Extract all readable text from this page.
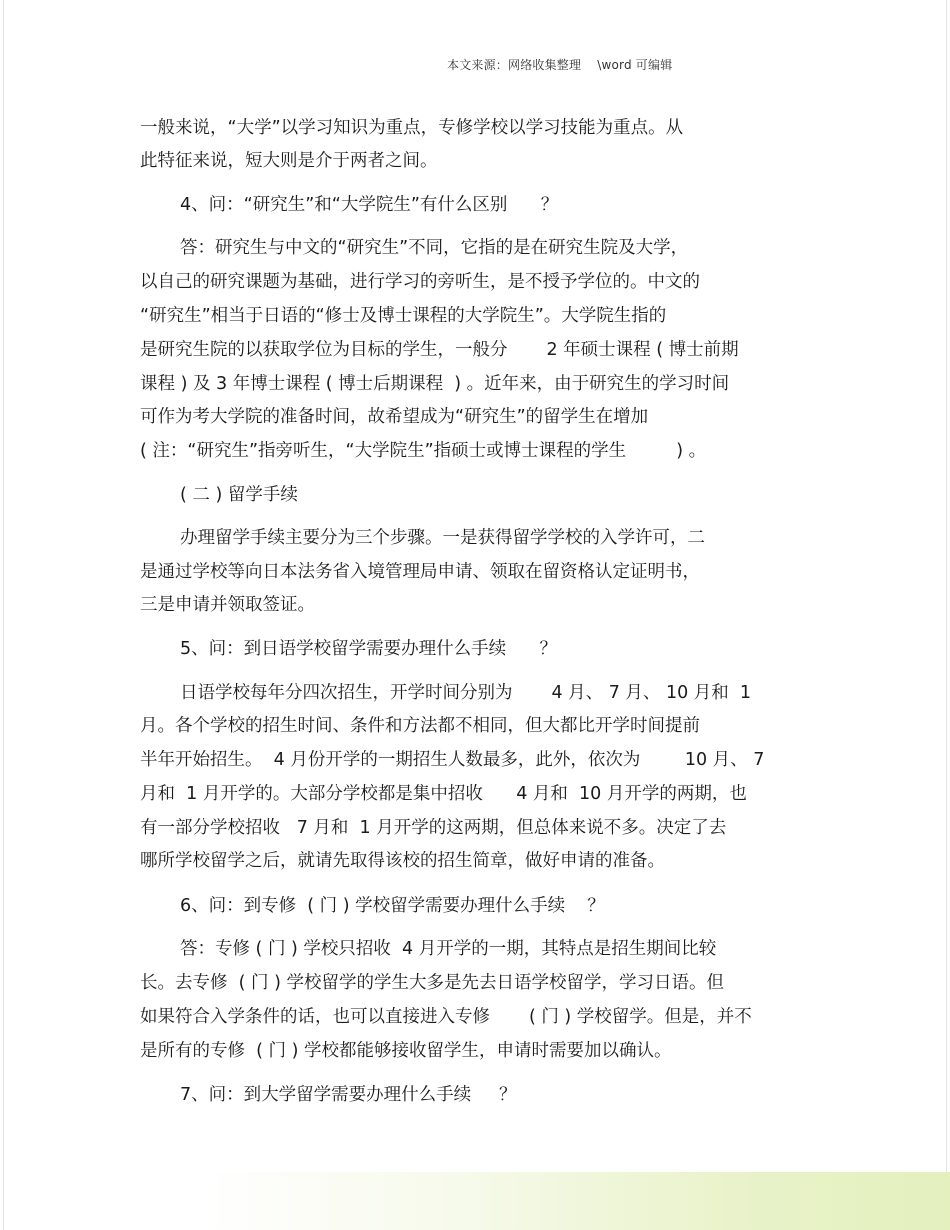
本文来源：网络收集整理    \word 可编辑
一般来说，“大学”以学习知识为重点，专修学校以学习技能为重点。从
此特征来说，短大则是介于两者之间。
4、问：“研究生”和“大学院生”有什么区别      ？
答：研究生与中文的“研究生”不同，它指的是在研究生院及大学，
以自己的研究课题为基础，进行学习的旁听生，是不授予学位的。中文的
“研究生”相当于日语的“修士及博士课程的大学院生”。大学院生指的
是研究生院的以获取学位为目标的学生，一般分       2 年硕士课程 ( 博士前期
课程 ) 及 3 年博士课程 ( 博士后期课程  ) 。近年来，由于研究生的学习时间
可作为考大学院的准备时间，故希望成为“研究生”的留学生在增加
( 注：“研究生”指旁听生，“大学院生”指硕士或博士课程的学生         ) 。
( 二 ) 留学手续
办理留学手续主要分为三个步骤。一是获得留学学校的入学许可，二
是通过学校等向日本法务省入境管理局申请、领取在留资格认定证明书，
三是申请并领取签证。
5、问：到日语学校留学需要办理什么手续      ？
日语学校每年分四次招生，开学时间分别为       4 月、 7 月、 10 月和  1
月。各个学校的招生时间、条件和方法都不相同，但大都比开学时间提前
半年开始招生。  4 月份开学的一期招生人数最多，此外，依次为        10 月、 7
月和  1 月开学的。大部分学校都是集中招收      4 月和  10 月开学的两期，也
有一部分学校招收   7 月和  1 月开学的这两期，但总体来说不多。决定了去
哪所学校留学之后，就请先取得该校的招生简章，做好申请的准备。
6、问：到专修  ( 门 ) 学校留学需要办理什么手续    ？
答：专修 ( 门 ) 学校只招收  4 月开学的一期，其特点是招生期间比较
长。去专修  ( 门 ) 学校留学的学生大多是先去日语学校留学，学习日语。但
如果符合入学条件的话，也可以直接进入专修       ( 门 ) 学校留学。但是，并不
是所有的专修  ( 门 ) 学校都能够接收留学生，申请时需要加以确认。
7、问：到大学留学需要办理什么手续     ？
